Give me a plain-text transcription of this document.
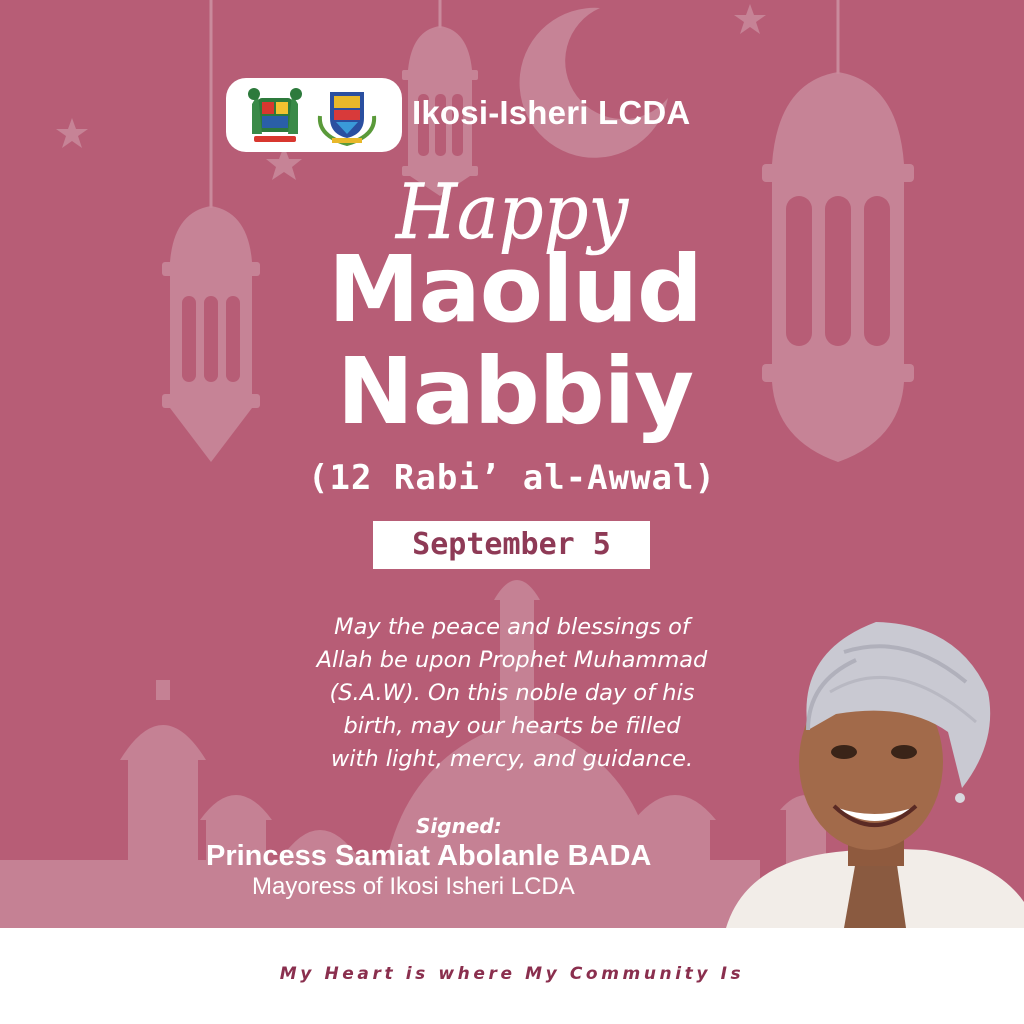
Ikosi-Isheri LCDA
Happy
Maolud
Nabbiy
(12 Rabi’ al-Awwal)
September 5
May the peace and blessings of
Allah be upon Prophet Muhammad
(S.A.W). On this noble day of his
birth, may our hearts be filled
with light, mercy, and guidance.
Signed:
Princess Samiat Abolanle BADA
Mayoress of Ikosi Isheri LCDA
My Heart is where My Community Is
